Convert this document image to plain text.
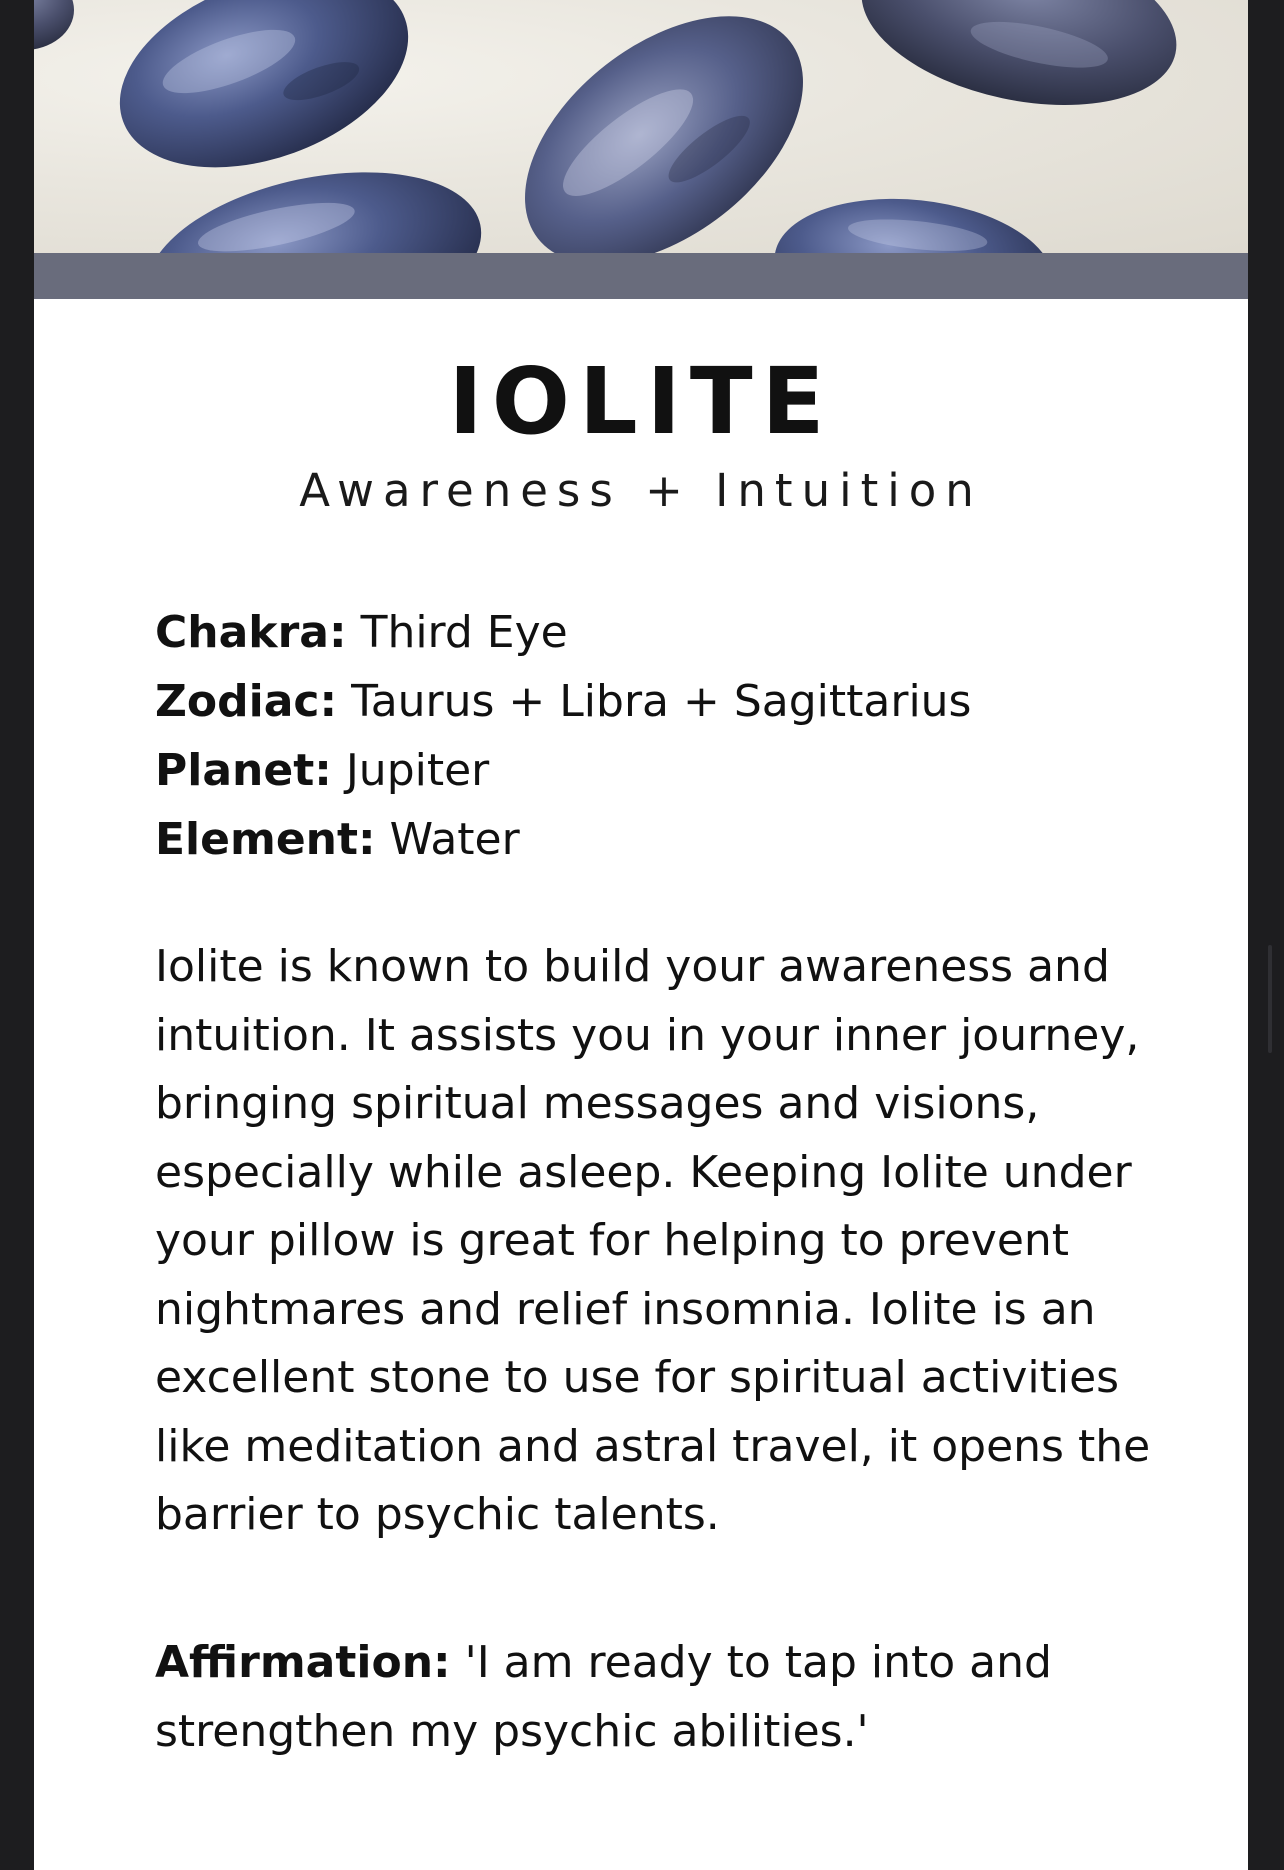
IOLITE
Awareness + Intuition
Chakra: Third Eye
Zodiac: Taurus + Libra + Sagittarius
Planet: Jupiter
Element: Water

Iolite is known to build your awareness and intuition. It assists you in your inner journey, bringing spiritual messages and visions, especially while asleep. Keeping Iolite under your pillow is great for helping to prevent nightmares and relief insomnia. Iolite is an excellent stone to use for spiritual activities like meditation and astral travel, it opens the barrier to psychic talents.

Affirmation: 'I am ready to tap into and strengthen my psychic abilities.'
